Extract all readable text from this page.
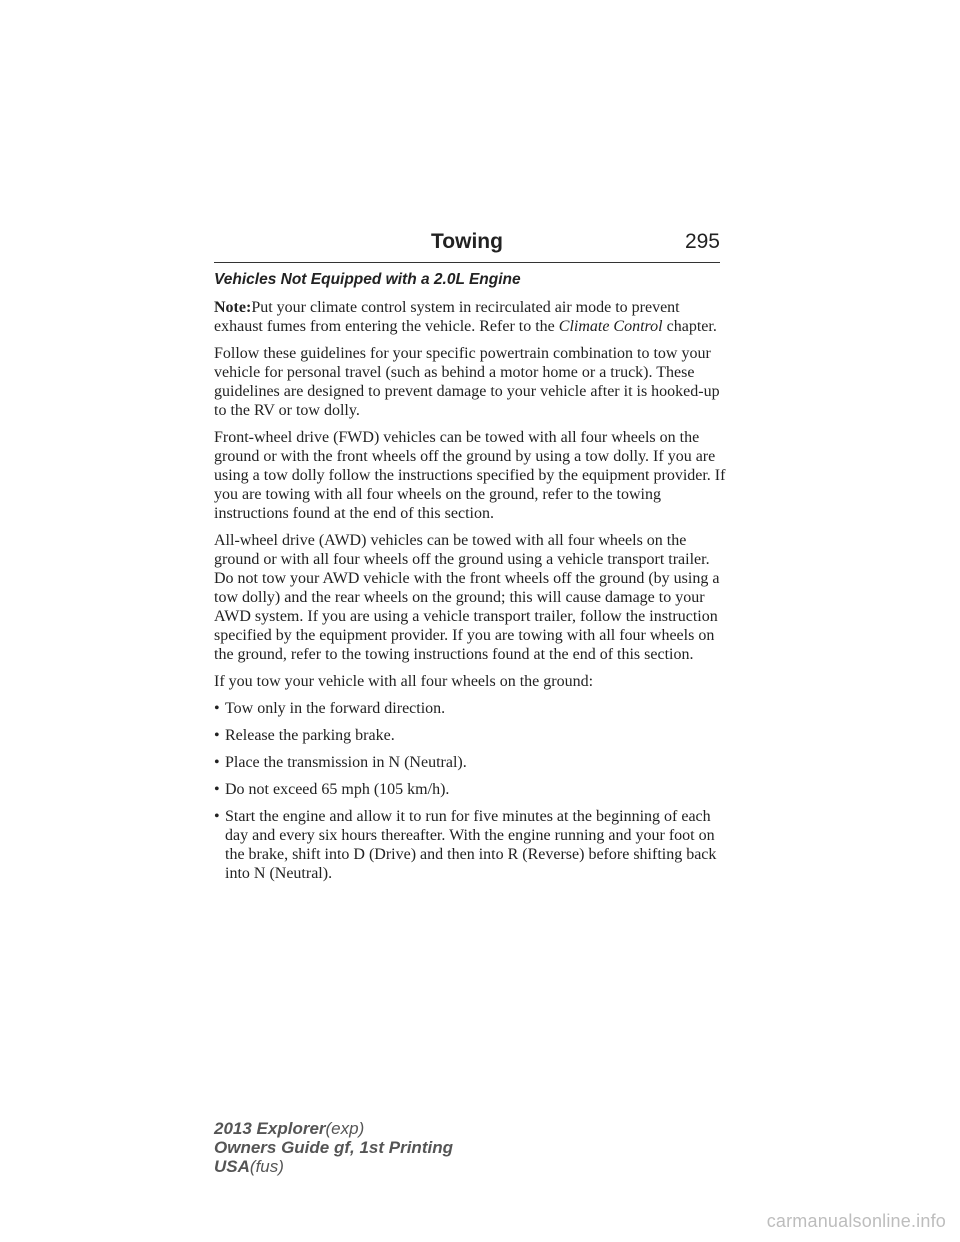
Towing	295
Vehicles Not Equipped with a 2.0L Engine

Note:Put your climate control system in recirculated air mode to prevent exhaust fumes from entering the vehicle. Refer to the Climate Control chapter.

Follow these guidelines for your specific powertrain combination to tow your vehicle for personal travel (such as behind a motor home or a truck). These guidelines are designed to prevent damage to your vehicle after it is hooked-up to the RV or tow dolly.

Front-wheel drive (FWD) vehicles can be towed with all four wheels on the ground or with the front wheels off the ground by using a tow dolly. If you are using a tow dolly follow the instructions specified by the equipment provider. If you are towing with all four wheels on the ground, refer to the towing instructions found at the end of this section.

All-wheel drive (AWD) vehicles can be towed with all four wheels on the ground or with all four wheels off the ground using a vehicle transport trailer. Do not tow your AWD vehicle with the front wheels off the ground (by using a tow dolly) and the rear wheels on the ground; this will cause damage to your AWD system. If you are using a vehicle transport trailer, follow the instruction specified by the equipment provider. If you are towing with all four wheels on the ground, refer to the towing instructions found at the end of this section.

If you tow your vehicle with all four wheels on the ground:

• Tow only in the forward direction.
• Release the parking brake.
• Place the transmission in N (Neutral).
• Do not exceed 65 mph (105 km/h).
• Start the engine and allow it to run for five minutes at the beginning of each day and every six hours thereafter. With the engine running and your foot on the brake, shift into D (Drive) and then into R (Reverse) before shifting back into N (Neutral).
2013 Explorer(exp)
Owners Guide gf, 1st Printing
USA(fus)
carmanualsonline.info
